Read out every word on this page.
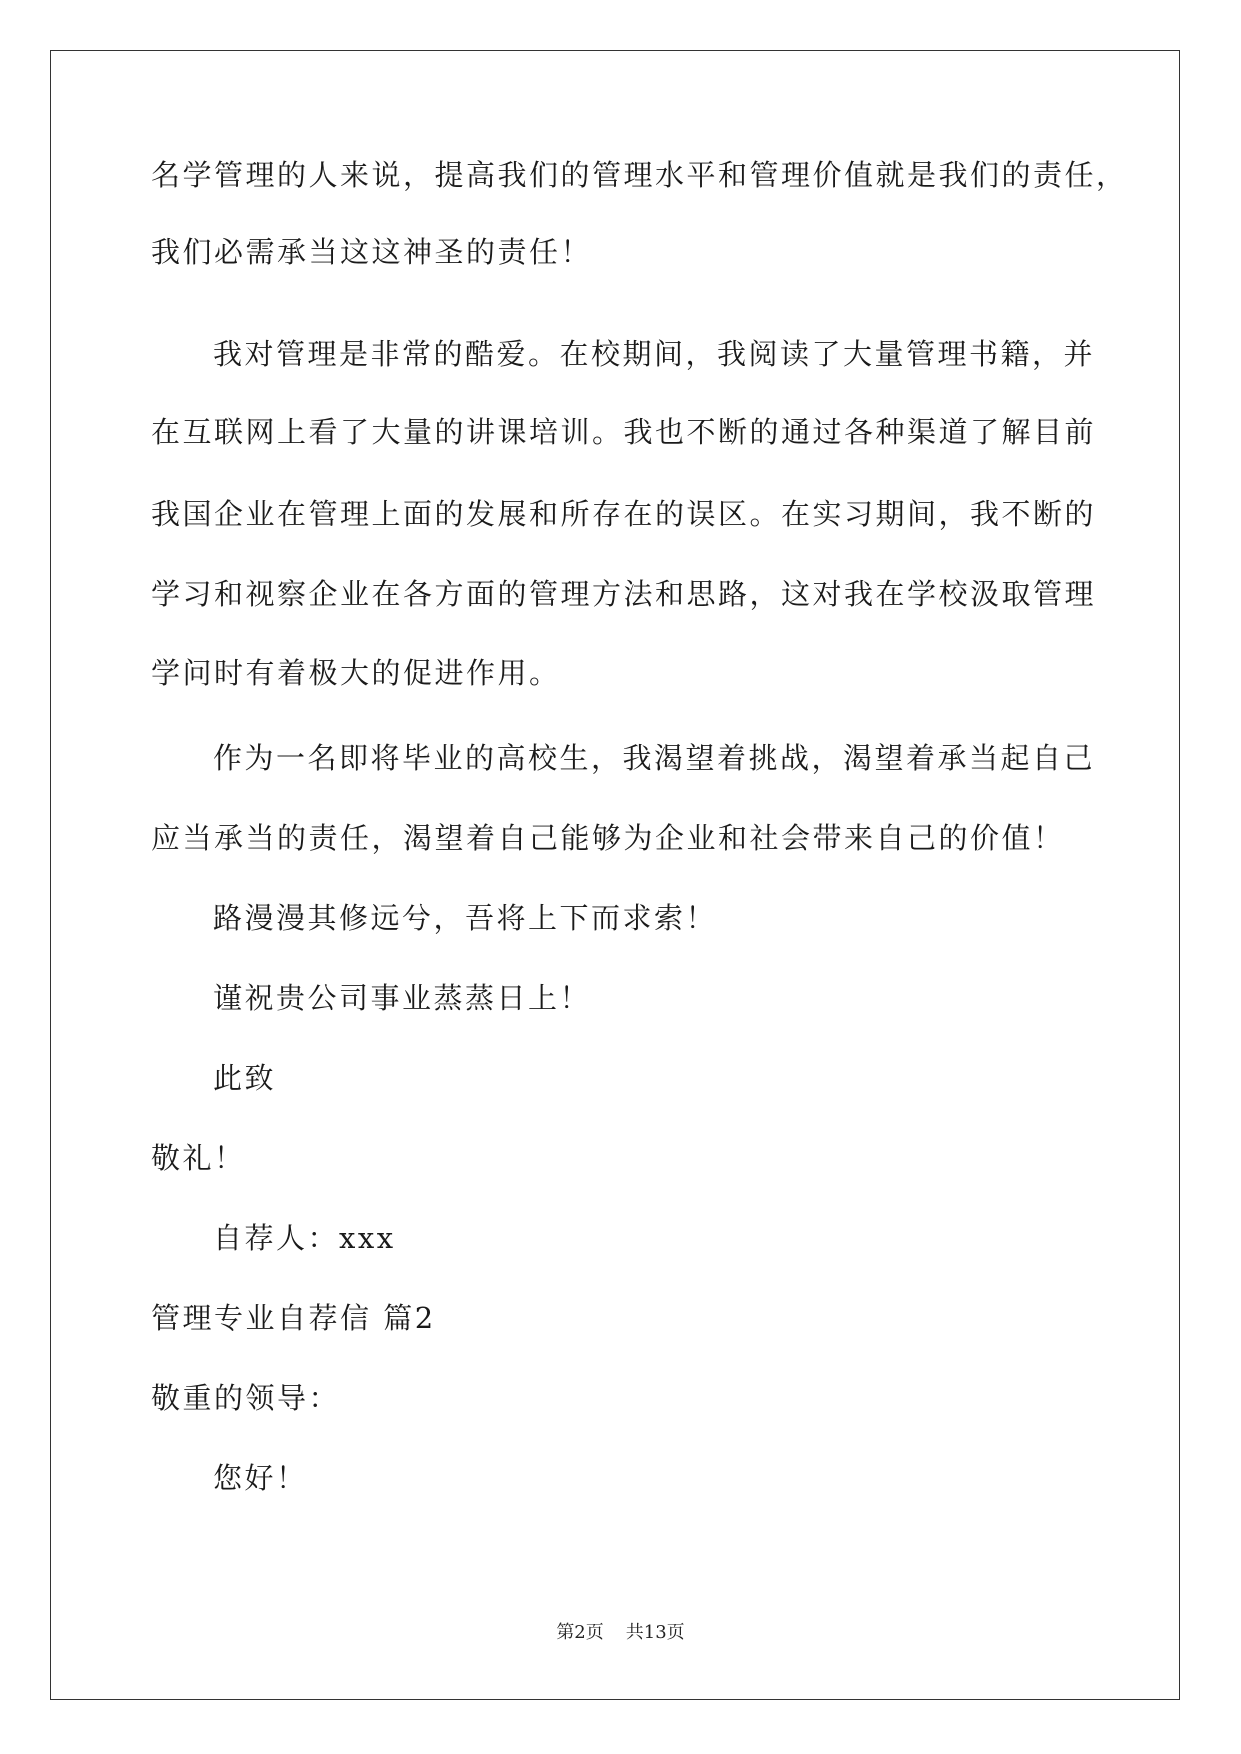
名学管理的人来说，提高我们的管理水平和管理价值就是我们的责任，
我们必需承当这这神圣的责任！
我对管理是非常的酷爱。在校期间，我阅读了大量管理书籍，并
在互联网上看了大量的讲课培训。我也不断的通过各种渠道了解目前
我国企业在管理上面的发展和所存在的误区。在实习期间，我不断的
学习和视察企业在各方面的管理方法和思路，这对我在学校汲取管理
学问时有着极大的促进作用。
作为一名即将毕业的高校生，我渴望着挑战，渴望着承当起自己
应当承当的责任，渴望着自己能够为企业和社会带来自己的价值！
路漫漫其修远兮，吾将上下而求索！
谨祝贵公司事业蒸蒸日上！
此致
敬礼！
自荐人：xxx
管理专业自荐信 篇2
敬重的领导：
您好！
第2页 共13页
